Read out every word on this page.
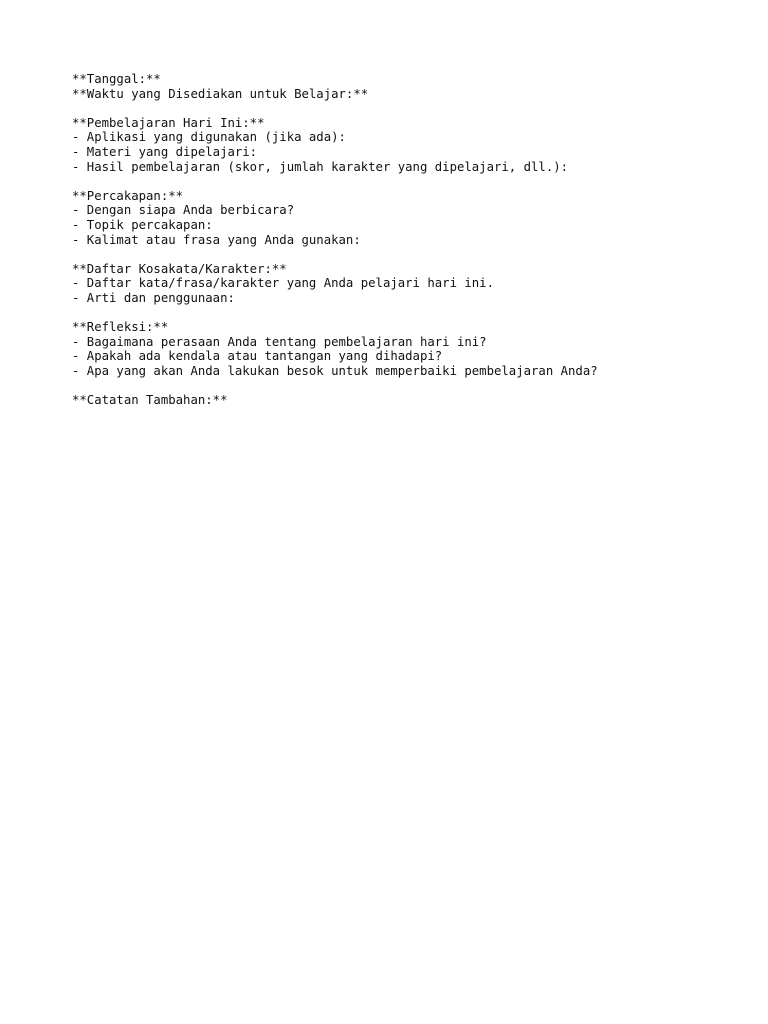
**Tanggal:**
**Waktu yang Disediakan untuk Belajar:**
**Pembelajaran Hari Ini:**
- Aplikasi yang digunakan (jika ada):
- Materi yang dipelajari:
- Hasil pembelajaran (skor, jumlah karakter yang dipelajari, dll.):
**Percakapan:**
- Dengan siapa Anda berbicara?
- Topik percakapan:
- Kalimat atau frasa yang Anda gunakan:
**Daftar Kosakata/Karakter:**
- Daftar kata/frasa/karakter yang Anda pelajari hari ini.
- Arti dan penggunaan:
**Refleksi:**
- Bagaimana perasaan Anda tentang pembelajaran hari ini?
- Apakah ada kendala atau tantangan yang dihadapi?
- Apa yang akan Anda lakukan besok untuk memperbaiki pembelajaran Anda?
**Catatan Tambahan:**
